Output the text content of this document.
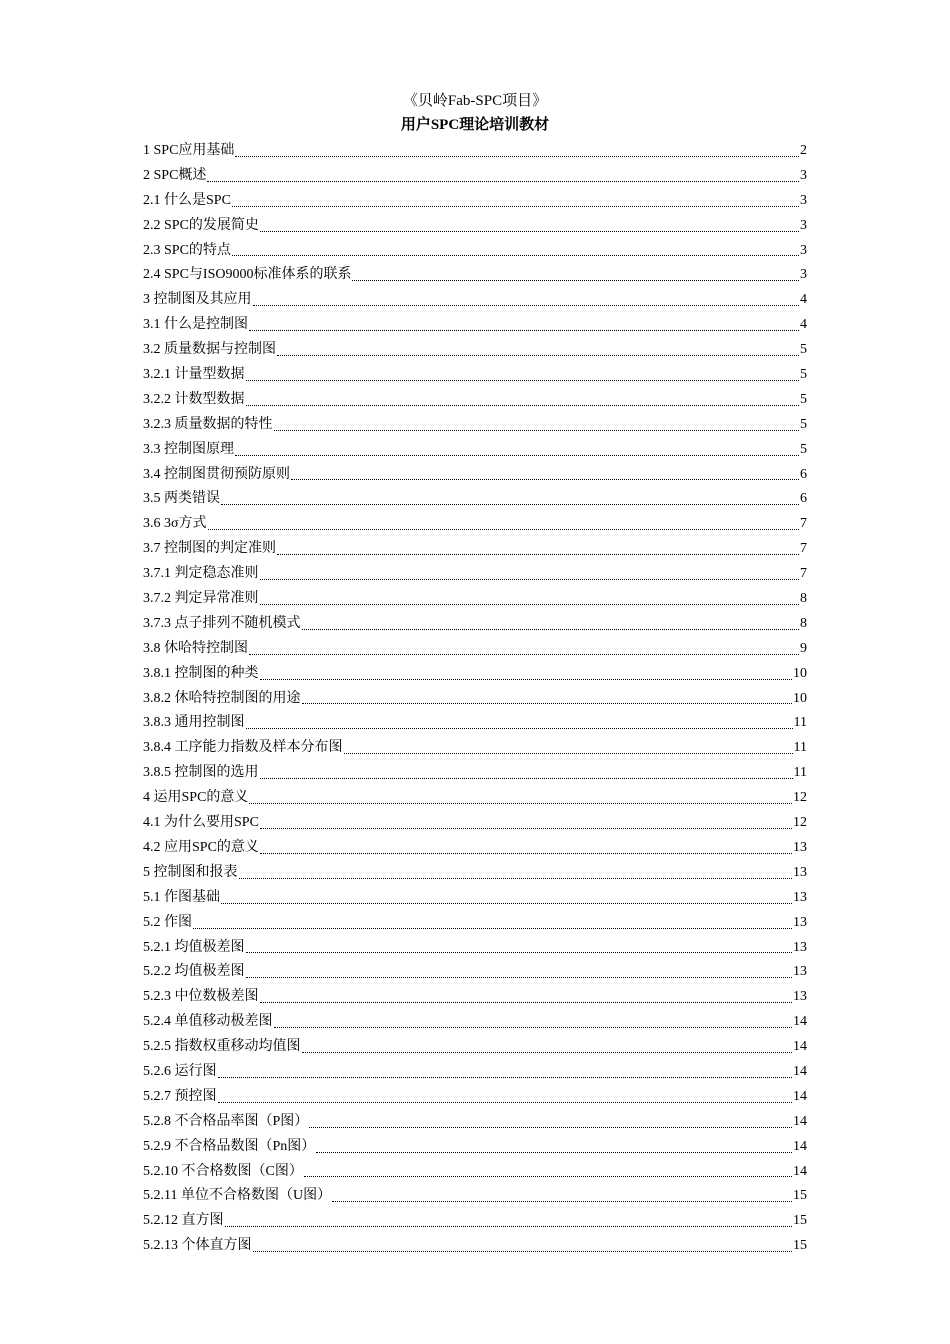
《贝岭Fab-SPC项目》
用户SPC理论培训教材
1 SPC应用基础	2
2 SPC概述	3
2.1 什么是SPC	3
2.2 SPC的发展简史	3
2.3 SPC的特点	3
2.4 SPC与ISO9000标准体系的联系	3
3 控制图及其应用	4
3.1 什么是控制图	4
3.2 质量数据与控制图	5
3.2.1 计量型数据	5
3.2.2 计数型数据	5
3.2.3 质量数据的特性	5
3.3 控制图原理	5
3.4 控制图贯彻预防原则	6
3.5 两类错误	6
3.6 3σ方式	7
3.7 控制图的判定准则	7
3.7.1 判定稳态准则	7
3.7.2 判定异常准则	8
3.7.3 点子排列不随机模式	8
3.8 休哈特控制图	9
3.8.1 控制图的种类	10
3.8.2 休哈特控制图的用途	10
3.8.3 通用控制图	11
3.8.4 工序能力指数及样本分布图	11
3.8.5 控制图的选用	11
4 运用SPC的意义	12
4.1 为什么要用SPC	12
4.2 应用SPC的意义	13
5 控制图和报表	13
5.1 作图基础	13
5.2 作图	13
5.2.1 均值极差图	13
5.2.2 均值极差图	13
5.2.3 中位数极差图	13
5.2.4 单值移动极差图	14
5.2.5 指数权重移动均值图	14
5.2.6 运行图	14
5.2.7 预控图	14
5.2.8 不合格品率图（P图）	14
5.2.9 不合格品数图（Pn图）	14
5.2.10 不合格数图（C图）	14
5.2.11 单位不合格数图（U图）	15
5.2.12 直方图	15
5.2.13 个体直方图	15
